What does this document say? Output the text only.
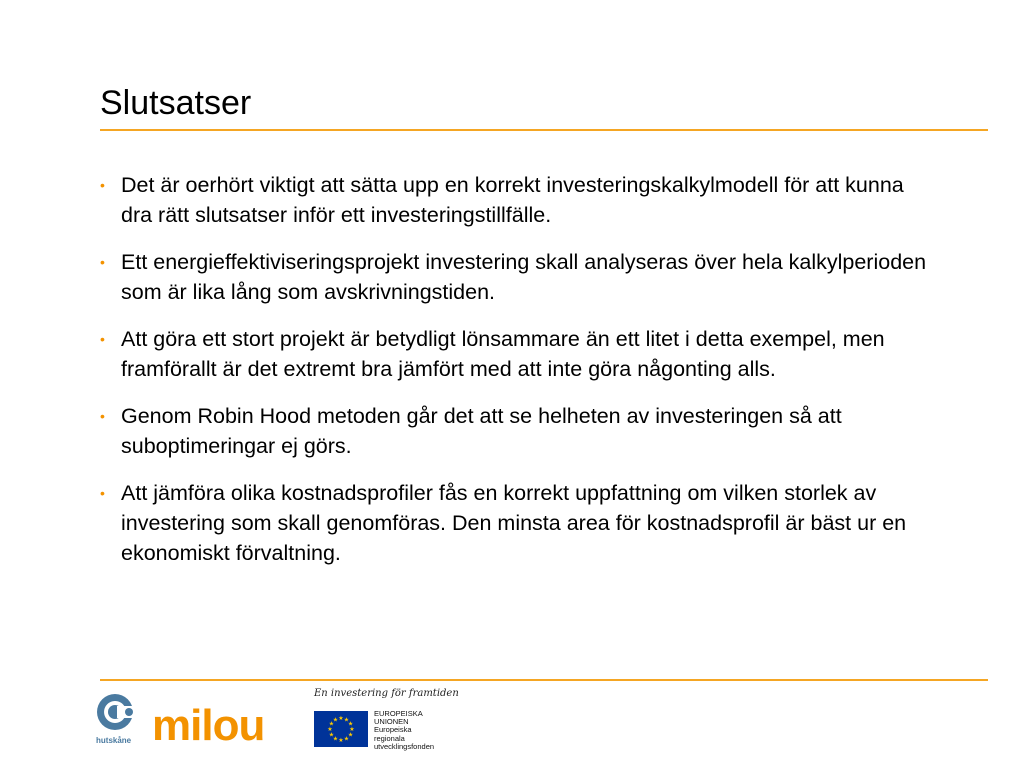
Slutsatser
• Det är oerhört viktigt att sätta upp en korrekt investeringskalkylmodell för att kunna dra rätt slutsatser inför ett investeringstillfälle.
• Ett energieffektiviseringsprojekt investering skall analyseras över hela kalkylperioden som är lika lång som avskrivningstiden.
• Att göra ett stort projekt är betydligt lönsammare än ett litet i detta exempel, men framförallt är det extremt bra jämfört med att inte göra någonting alls.
• Genom Robin Hood metoden går det att se helheten av investeringen så att suboptimeringar ej görs.
• Att jämföra olika kostnadsprofiler fås en korrekt uppfattning om vilken storlek av investering som skall genomföras. Den minsta area för kostnadsprofil är bäst ur en ekonomiskt förvaltning.
hutskåne milou
En investering för framtiden
★
★
★
★
★
★
★
★
★ ★ ★
★
EUROPEISKA
UNIONEN
Europeiska
regionala
utvecklingsfonden
